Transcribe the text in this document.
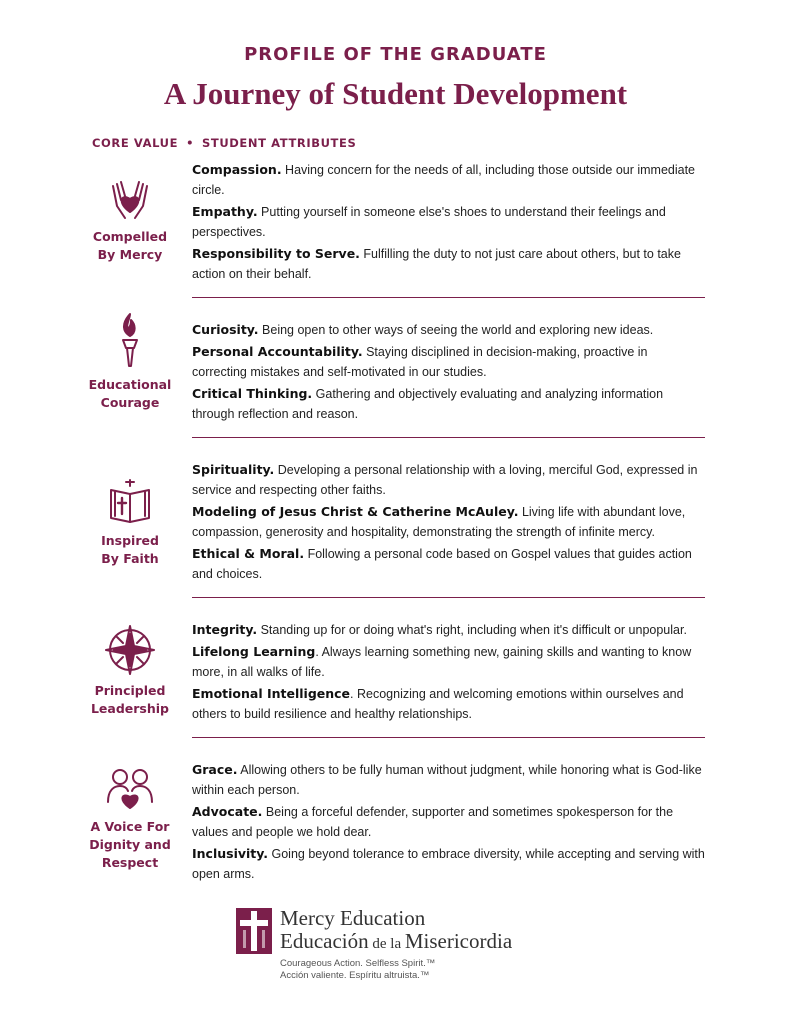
PROFILE OF THE GRADUATE
A Journey of Student Development
CORE VALUE • STUDENT ATTRIBUTES
Compelled
By Mercy

Compassion. Having concern for the needs of all, including those outside our immediate circle.

Empathy. Putting yourself in someone else's shoes to understand their feelings and perspectives.

Responsibility to Serve. Fulfilling the duty to not just care about others, but to take action on their behalf.

Educational
Courage

Curiosity. Being open to other ways of seeing the world and exploring new ideas.

Personal Accountability. Staying disciplined in decision-making, proactive in correcting mistakes and self-motivated in our studies.

Critical Thinking. Gathering and objectively evaluating and analyzing information through reflection and reason.

Inspired
By Faith

Spirituality. Developing a personal relationship with a loving, merciful God, expressed in service and respecting other faiths.

Modeling of Jesus Christ & Catherine McAuley. Living life with abundant love, compassion, generosity and hospitality, demonstrating the strength of infinite mercy.

Ethical & Moral. Following a personal code based on Gospel values that guides action and choices.

Principled
Leadership

Integrity. Standing up for or doing what's right, including when it's difficult or unpopular.

Lifelong Learning. Always learning something new, gaining skills and wanting to know more, in all walks of life.

Emotional Intelligence. Recognizing and welcoming emotions within ourselves and others to build resilience and healthy relationships.

A Voice For
Dignity and
Respect

Grace. Allowing others to be fully human without judgment, while honoring what is God-like within each person.

Advocate. Being a forceful defender, supporter and sometimes spokesperson for the values and people we hold dear.

Inclusivity. Going beyond tolerance to embrace diversity, while accepting and serving with open arms.

Mercy Education
Educación de la Misericordia
Courageous Action. Selfless Spirit.™
Acción valiente. Espíritu altruista.™
